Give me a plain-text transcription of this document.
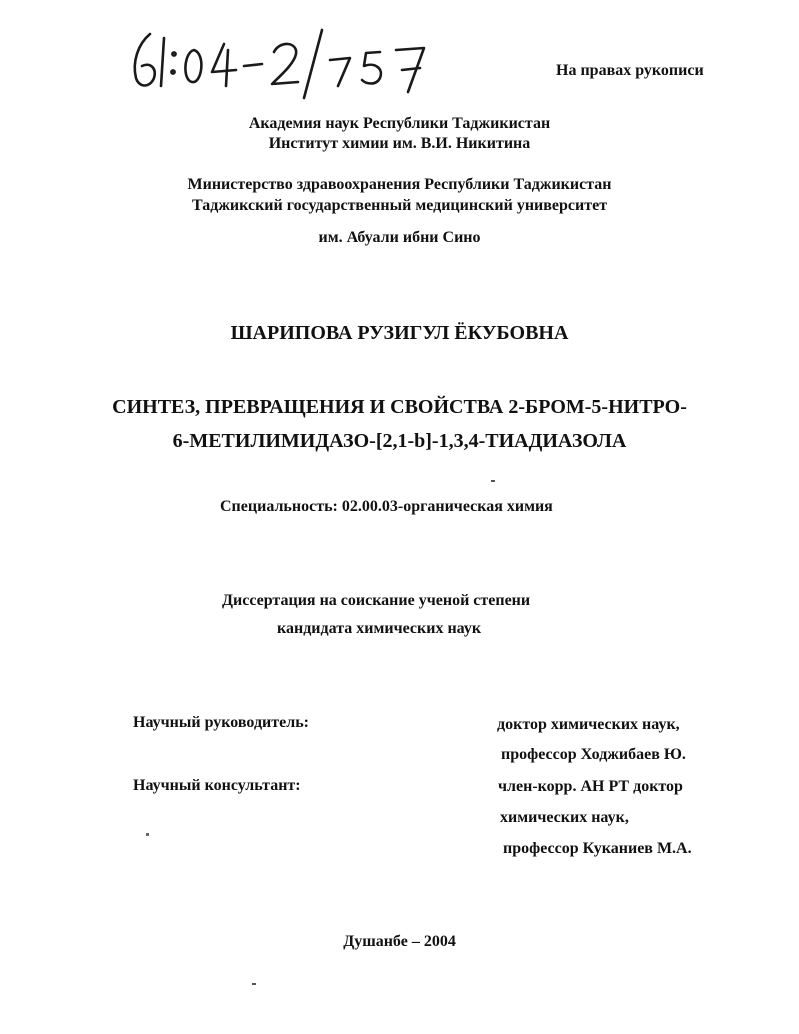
На правах рукописи
Академия наук Республики Таджикистан
Институт химии им. В.И. Никитина
Министерство здравоохранения Республики Таджикистан
Таджикский государственный медицинский университет
им. Абуали ибни Сино
ШАРИПОВА РУЗИГУЛ ЁКУБОВНА
СИНТЕЗ, ПРЕВРАЩЕНИЯ И СВОЙСТВА 2-БРОМ-5-НИТРО-
6-МЕТИЛИМИДАЗО-[2,1-b]-1,3,4-ТИАДИАЗОЛА
Специальность: 02.00.03-органическая химия
Диссертация на соискание ученой степени
кандидата химических наук
Научный руководитель:	доктор химических наук,
профессор Ходжибаев Ю.
Научный консультант:	член-корр. АН РТ доктор
химических наук,
профессор Куканиев М.А.
Душанбе – 2004
